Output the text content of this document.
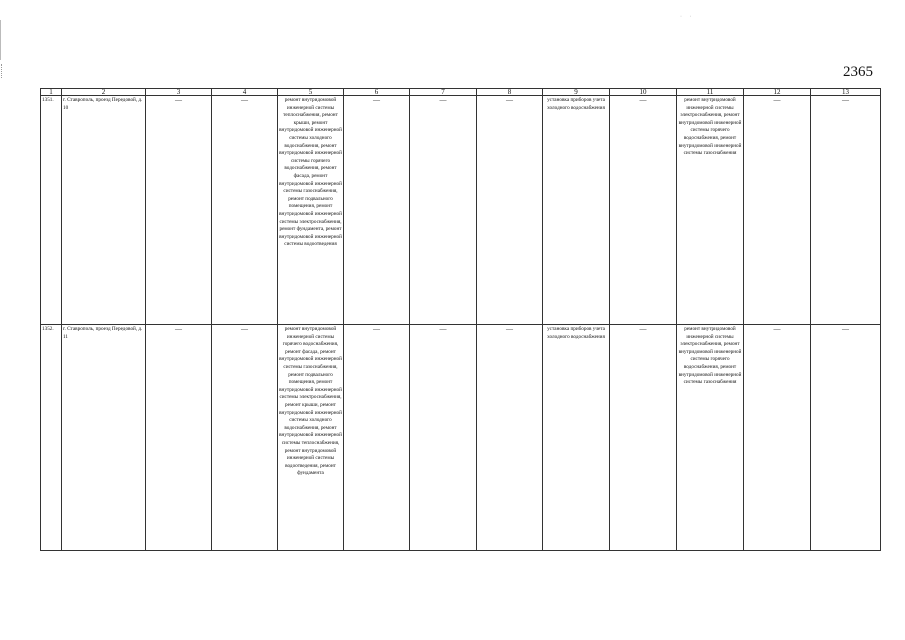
· ·
2365
1	2	3	4	5	6	7	8	9	10	11	12	13
1351.	г. Ставрополь, проезд Передовой, д. 10	—	—	ремонт внутридомовой инженерной системы теплоснабжения, ремонт крыши, ремонт внутридомовой инженерной системы холодного водоснабжения, ремонт внутридомовой инженерной системы горячего водоснабжения, ремонт фасада, ремонт внутридомовой инженерной системы газоснабжения, ремонт подвального помещения, ремонт внутридомовой инженерной системы электроснабжения, ремонт фундамента, ремонт внутридомовой инженерной системы водоотведения	—	—	—	установка приборов учета холодного водоснабжения	—	ремонт внутридомовой инженерной системы электроснабжения, ремонт внутридомовой инженерной системы горячего водоснабжения, ремонт внутридомовой инженерной системы газоснабжения	—	—

1352.	г. Ставрополь, проезд Передовой, д. 11	—	—	ремонт внутридомовой инженерной системы горячего водоснабжения, ремонт фасада, ремонт внутридомовой инженерной системы газоснабжения, ремонт подвального помещения, ремонт внутридомовой инженерной системы электроснабжения, ремонт крыши, ремонт внутридомовой инженерной системы холодного водоснабжения, ремонт внутридомовой инженерной системы теплоснабжения, ремонт внутридомовой инженерной системы водоотведения, ремонт фундамента	—	—	—	установка приборов учета холодного водоснабжения	—	ремонт внутридомовой инженерной системы электроснабжения, ремонт внутридомовой инженерной системы горячего водоснабжения, ремонт внутридомовой инженерной системы газоснабжения	—	—
